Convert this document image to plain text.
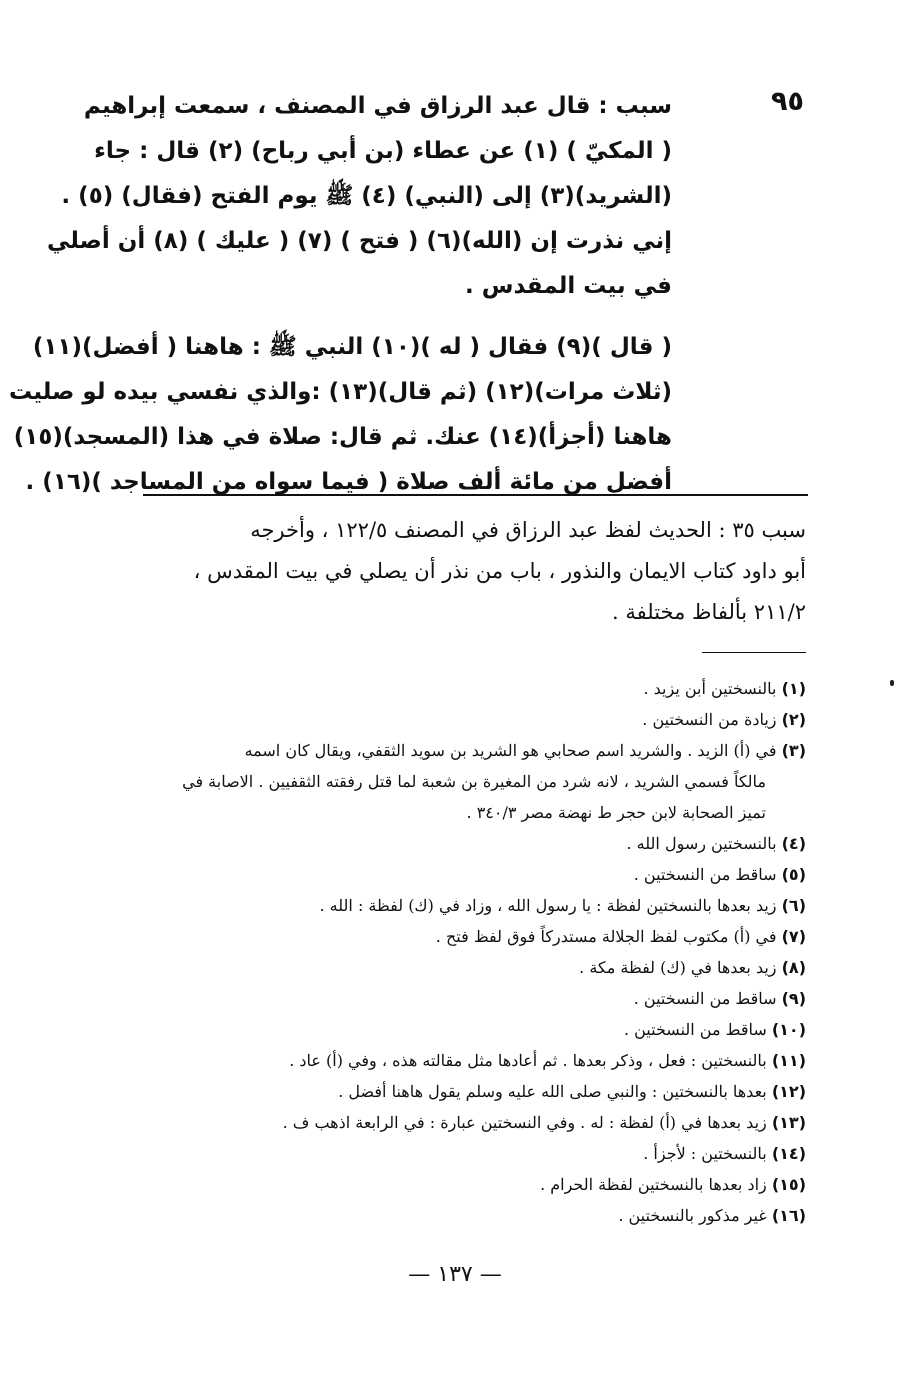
٩٥
سبب : قال عبد الرزاق في المصنف ، سمعت إبراهيم
( المكيّ ) (١) عن عطاء (بن أبي رباح) (٢) قال : جاء
(الشريد)(٣) إلى (النبي) (٤) ﷺ يوم الفتح (فقال) (٥) .
إني نذرت إن (الله)(٦) ( فتح ) (٧) ( عليك ) (٨) أن أصلي
في بيت المقدس .
( قال )(٩) فقال ( له )(١٠) النبي ﷺ : هاهنا ( أفضل)(١١)
(ثلاث مرات)(١٢) (ثم قال)(١٣) :والذي نفسي بيده لو صليت
هاهنا (أجزأ)(١٤) عنك. ثم قال: صلاة في هذا (المسجد)(١٥)
أفضل من مائة ألف صلاة ( فيما سواه من المساجد )(١٦) .
سبب ٣٥ : الحديث لفظ عبد الرزاق في المصنف ١٢٢/٥ ، وأخرجه
أبو داود كتاب الايمان والنذور ، باب من نذر أن يصلي في بيت المقدس ،
٢١١/٢ بألفاظ مختلفة .
(١) بالنسختين أبن يزيد .
(٢) زيادة من النسختين .
(٣) في (أ) الزيد . والشريد اسم صحابي هو الشريد بن سويد الثقفي، ويقال كان اسمه
مالكاً فسمي الشريد ، لانه شرد من المغيرة بن شعبة لما قتل رفقته الثقفيين . الاصابة في
تميز الصحابة لابن حجر ط نهضة مصر ٣٤٠/٣ .
(٤) بالنسختين رسول الله .
(٥) ساقط من النسختين .
(٦) زيد بعدها بالنسختين لفظة : يا رسول الله ، وزاد في (ك) لفظة : الله .
(٧) في (أ) مكتوب لفظ الجلالة مستدركاً فوق لفظ فتح .
(٨) زيد بعدها في (ك) لفظة مكة .
(٩) ساقط من النسختين .
(١٠) ساقط من النسختين .
(١١) بالنسختين : فعل ، وذكر بعدها . ثم أعادها مثل مقالته هذه ، وفي (أ) عاد .
(١٢) بعدها بالنسختين : والنبي صلى الله عليه وسلم يقول هاهنا أفضل .
(١٣) زيد بعدها في (أ) لفظة : له . وفي النسختين عبارة : في الرابعة اذهب ف .
(١٤) بالنسختين : لأجزأ .
(١٥) زاد بعدها بالنسختين لفظة الحرام .
(١٦) غير مذكور بالنسختين .
— ١٣٧ —
